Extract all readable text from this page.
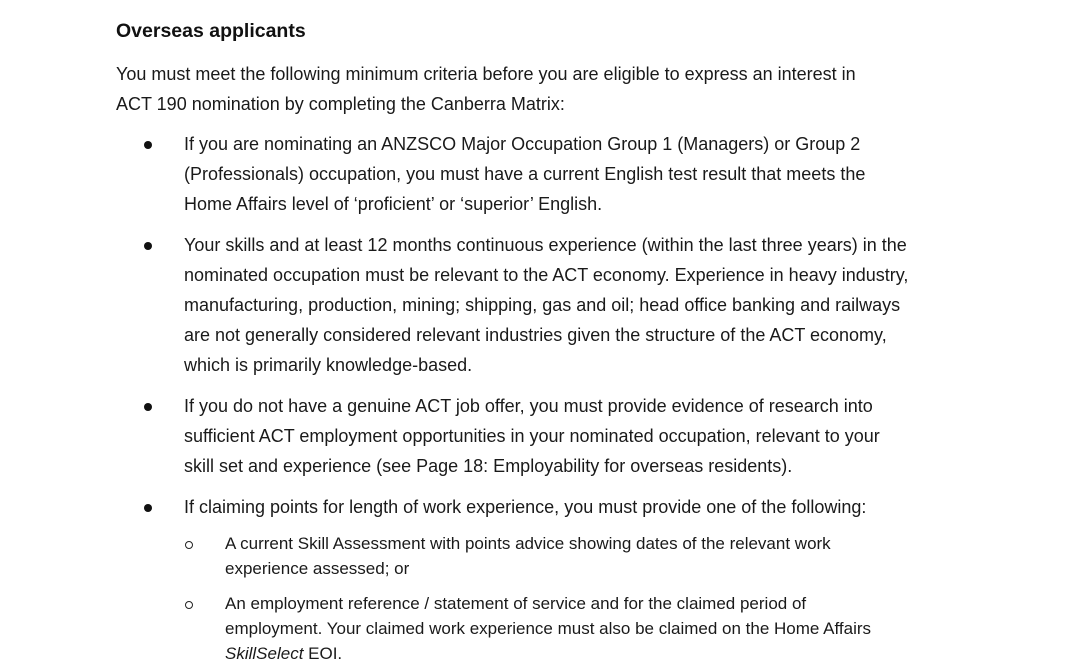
Overseas applicants
You must meet the following minimum criteria before you are eligible to express an interest in
ACT 190 nomination by completing the Canberra Matrix:
If you are nominating an ANZSCO Major Occupation Group 1 (Managers) or Group 2
(Professionals) occupation, you must have a current English test result that meets the
Home Affairs level of ‘proficient’ or ‘superior’ English.
Your skills and at least 12 months continuous experience (within the last three years) in the
nominated occupation must be relevant to the ACT economy. Experience in heavy industry,
manufacturing, production, mining; shipping, gas and oil; head office banking and railways
are not generally considered relevant industries given the structure of the ACT economy,
which is primarily knowledge-based.
If you do not have a genuine ACT job offer, you must provide evidence of research into
sufficient ACT employment opportunities in your nominated occupation, relevant to your
skill set and experience (see Page 18: Employability for overseas residents).
If claiming points for length of work experience, you must provide one of the following:
A current Skill Assessment with points advice showing dates of the relevant work
experience assessed; or
An employment reference / statement of service and for the claimed period of
employment. Your claimed work experience must also be claimed on the Home Affairs
SkillSelect EOI.
